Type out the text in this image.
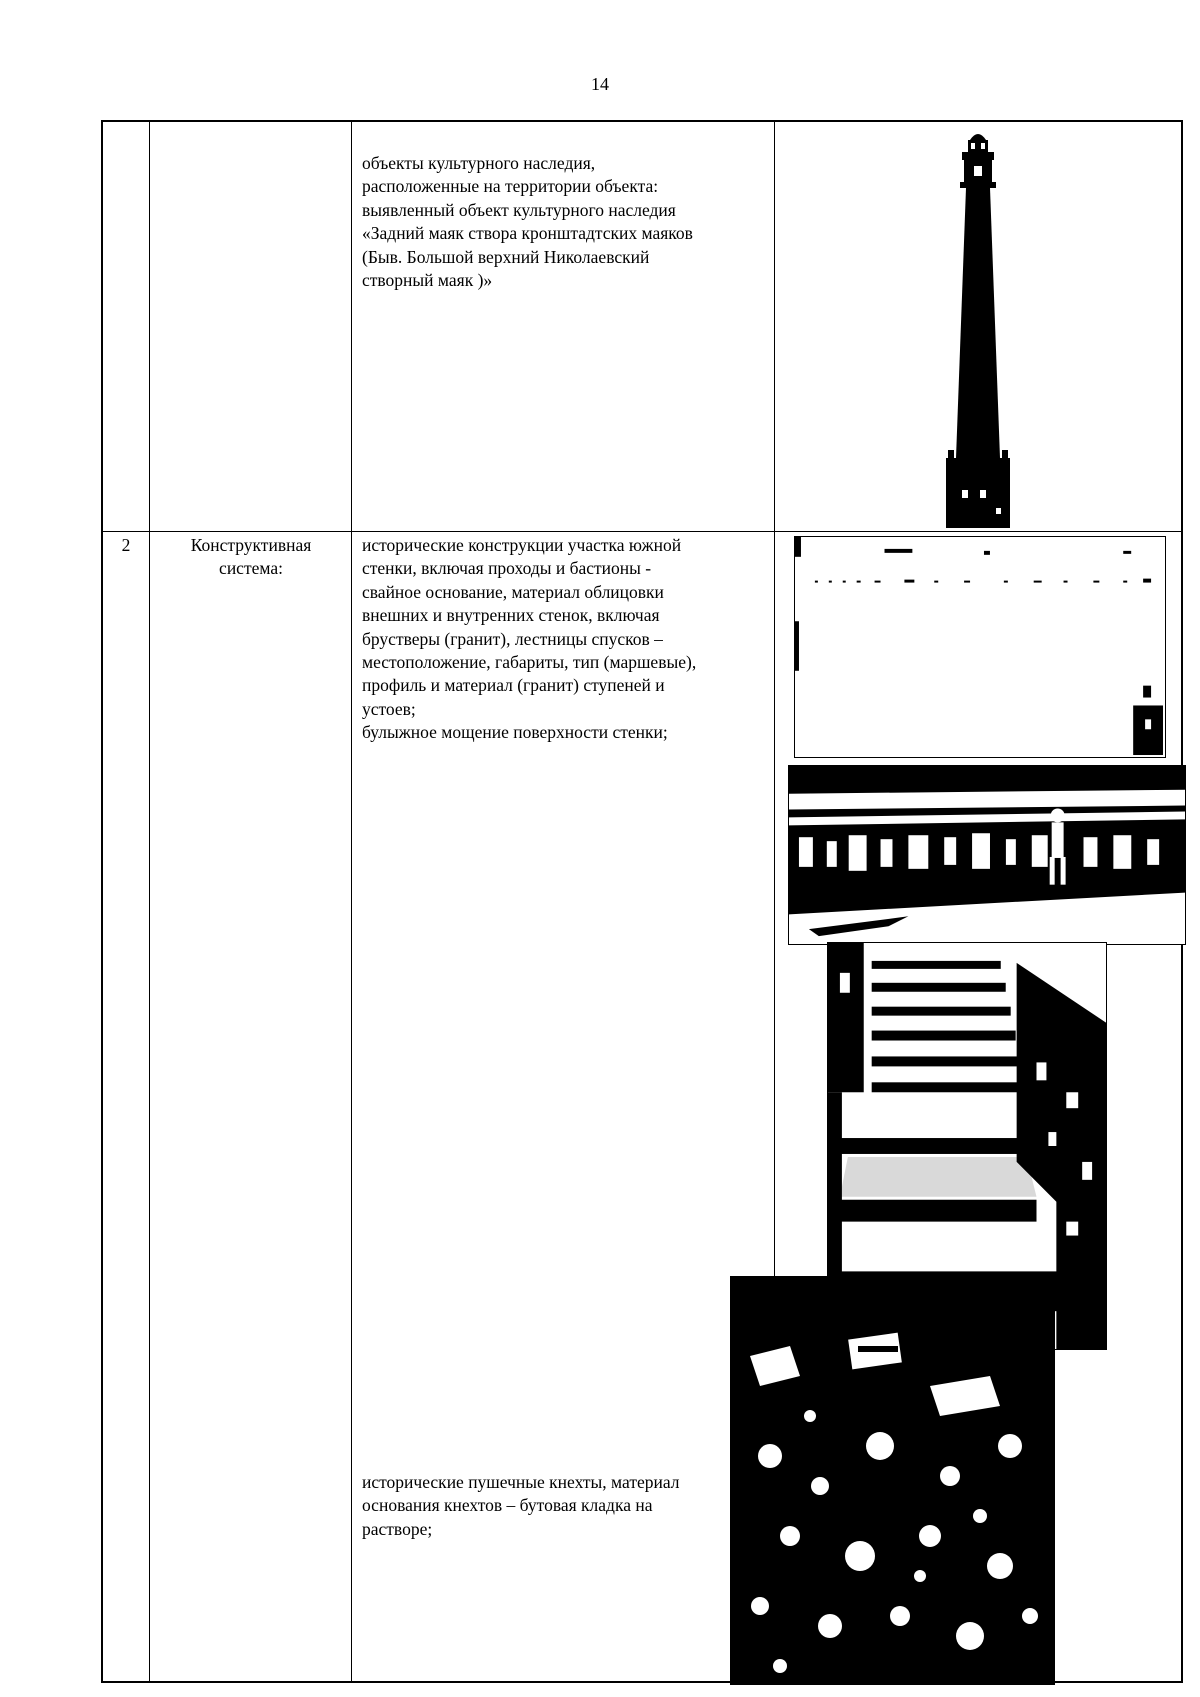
14
объекты культурного наследия,
расположенные на территории объекта:
выявленный объект культурного наследия
«Задний маяк створа кронштадтских маяков
(Быв. Большой верхний Николаевский
створный маяк )»
2	Конструктивная
система:
исторические конструкции участка южной
стенки, включая проходы и бастионы -
свайное основание, материал облицовки
внешних и внутренних стенок, включая
брустверы (гранит), лестницы спусков –
местоположение, габариты, тип (маршевые),
профиль и материал (гранит) ступеней и
устоев;
булыжное мощение поверхности стенки;
исторические пушечные кнехты, материал
основания кнехтов – бутовая кладка на
растворе;
